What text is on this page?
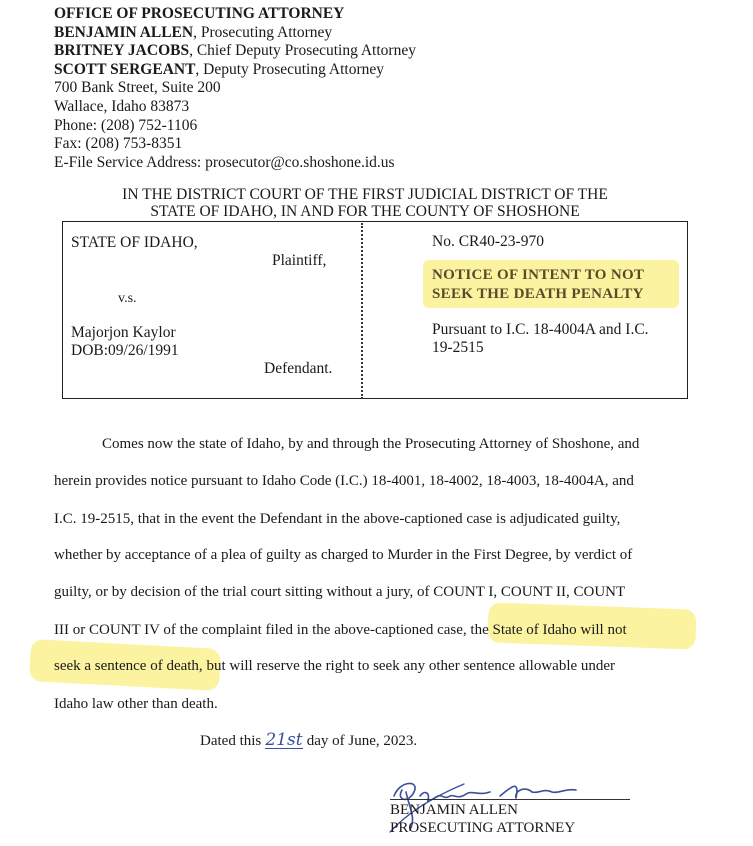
OFFICE OF PROSECUTING ATTORNEY
BENJAMIN ALLEN, Prosecuting Attorney
BRITNEY JACOBS, Chief Deputy Prosecuting Attorney
SCOTT SERGEANT, Deputy Prosecuting Attorney
700 Bank Street, Suite 200
Wallace, Idaho 83873
Phone: (208) 752-1106
Fax: (208) 753-8351
E-File Service Address: prosecutor@co.shoshone.id.us
IN THE DISTRICT COURT OF THE FIRST JUDICIAL DISTRICT OF THE
STATE OF IDAHO, IN AND FOR THE COUNTY OF SHOSHONE
STATE OF IDAHO,
Plaintiff,
v.s.
Majorjon Kaylor
DOB:09/26/1991
Defendant.
No. CR40-23-970
NOTICE OF INTENT TO NOT
SEEK THE DEATH PENALTY
Pursuant to I.C. 18-4004A and I.C.
19-2515
Comes now the state of Idaho, by and through the Prosecuting Attorney of Shoshone, and
herein provides notice pursuant to Idaho Code (I.C.) 18-4001, 18-4002, 18-4003, 18-4004A, and
I.C. 19-2515, that in the event the Defendant in the above-captioned case is adjudicated guilty,
whether by acceptance of a plea of guilty as charged to Murder in the First Degree, by verdict of
guilty, or by decision of the trial court sitting without a jury, of COUNT I, COUNT II, COUNT
III or COUNT IV of the complaint filed in the above-captioned case, the State of Idaho will not
seek a sentence of death, but will reserve the right to seek any other sentence allowable under
Idaho law other than death.
Dated this 21st day of June, 2023.
BENJAMIN ALLEN
PROSECUTING ATTORNEY
